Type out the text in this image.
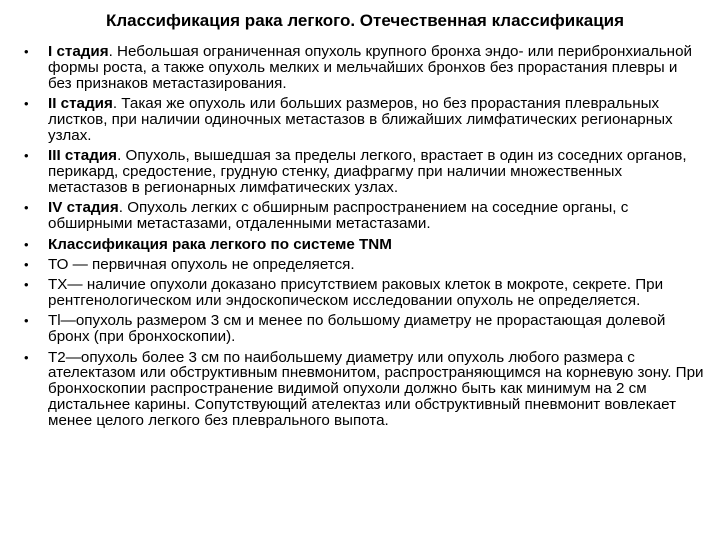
Классификация рака легкого. Отечественная классификация
•	I стадия. Небольшая ограниченная опухоль крупного бронха эндо- или перибронхиальной формы роста, а также опухоль мелких и мельчайших бронхов без прорастания плевры и без признаков метастазирования.
•	II стадия. Такая же опухоль или больших размеров, но без прорастания плевральных листков, при наличии одиночных метастазов в ближайших лимфатических регионарных узлах.
•	III стадия. Опухоль, вышедшая за пределы легкого, врастает в один из соседних органов, перикард, средостение, грудную стенку, диафрагму при наличии множественных метастазов в регионарных лимфатических узлах.
•	IV стадия. Опухоль легких с обширным распространением на соседние органы, с обширными метастазами, отдаленными метастазами.
•	Классификация рака легкого по системе TNM
•	ТО — первичная опухоль не определяется.
•	ТХ— наличие опухоли доказано присутствием раковых клеток в мокроте, секрете. При рентгенологическом или эндоскопическом исследовании опухоль не определяется.
•	Тl—опухоль размером 3 см и менее по большому диаметру не прорастающая долевой бронх (при бронхоскопии).
•	Т2—опухоль более 3 см по наибольшему диаметру или опухоль любого размера с ателектазом или обструктивным пневмонитом, распространяющимся на корневую зону. При бронхоскопии распространение видимой опухоли должно быть как минимум на 2 см дистальнее карины. Сопутствующий ателектаз или обструктивный пневмонит вовлекает менее целого легкого без плеврального выпота.
